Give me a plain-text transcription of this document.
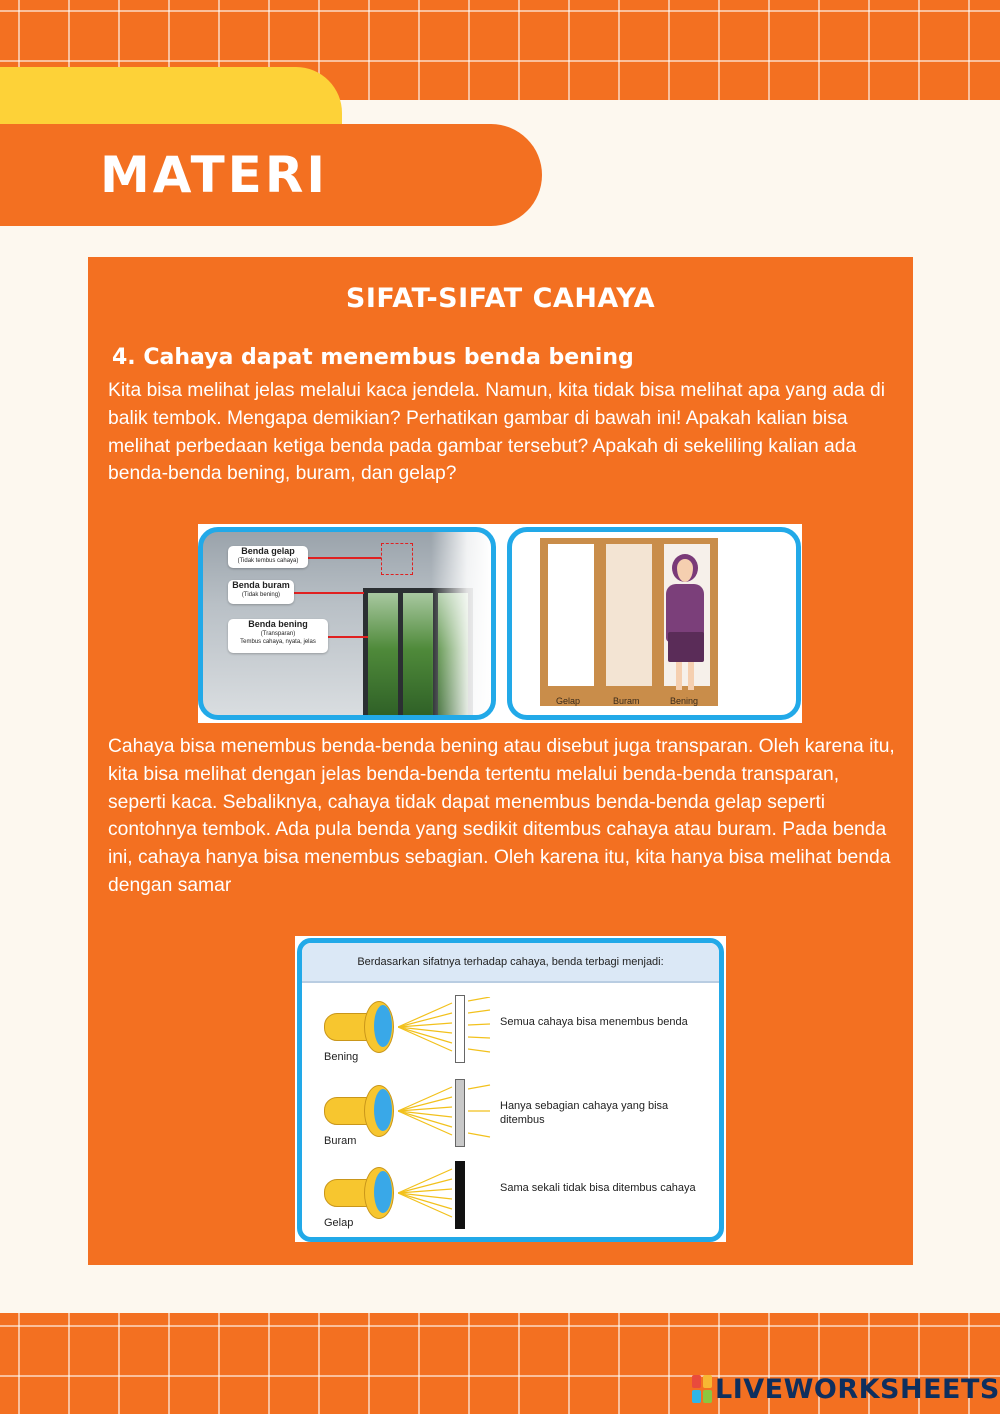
MATERI
SIFAT-SIFAT CAHAYA
4. Cahaya dapat menembus benda bening

Kita bisa melihat jelas melalui kaca jendela. Namun, kita tidak bisa melihat apa yang ada di balik tembok. Mengapa demikian? Perhatikan gambar di bawah ini! Apakah kalian bisa melihat perbedaan ketiga benda pada gambar tersebut? Apakah di sekeliling kalian ada benda-benda bening, buram, dan gelap?

Benda gelap
(Tidak tembus cahaya)
Benda buram
(Tidak bening)
Benda bening
(Transparan)
Tembus cahaya, nyata, jelas
Gelap	Buram	Bening

Cahaya bisa menembus benda-benda bening atau disebut juga transparan. Oleh karena itu, kita bisa melihat dengan jelas benda-benda tertentu melalui benda-benda transparan, seperti kaca. Sebaliknya, cahaya tidak dapat menembus benda-benda gelap seperti contohnya tembok. Ada pula benda yang sedikit ditembus cahaya atau buram. Pada benda ini, cahaya hanya bisa menembus sebagian. Oleh karena itu, kita hanya bisa melihat benda dengan samar

Berdasarkan sifatnya terhadap cahaya, benda terbagi menjadi:
Bening
Semua cahaya bisa menembus benda
Buram
Hanya sebagian cahaya yang bisa ditembus
Gelap
Sama sekali tidak bisa ditembus cahaya
LIVEWORKSHEETS
